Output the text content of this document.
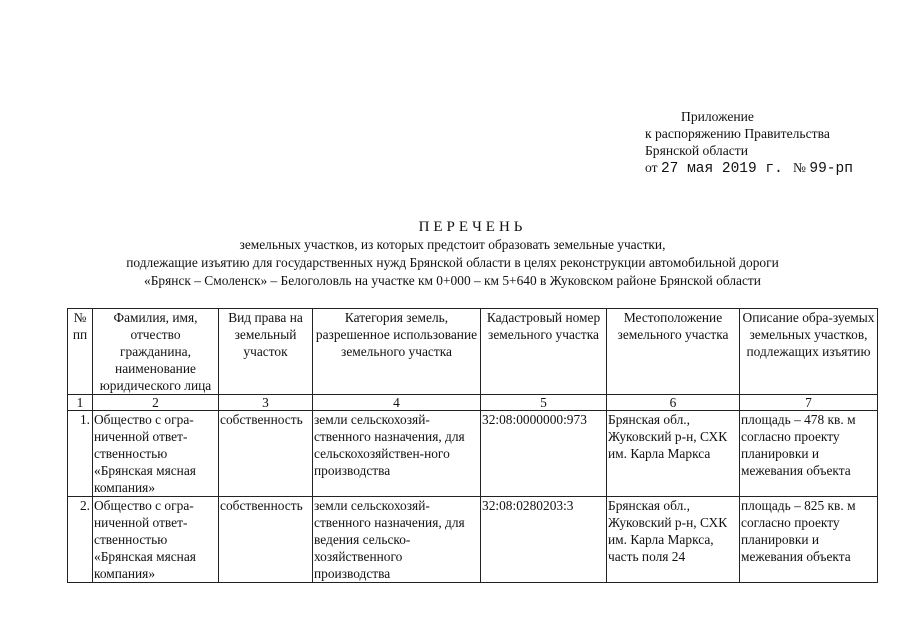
Приложение
к распоряжению Правительства
Брянской области
от 27 мая 2019 г. № 99-рп
ПЕРЕЧЕНЬ
земельных участков, из которых предстоит образовать земельные участки,
подлежащие изъятию для государственных нужд Брянской области в целях реконструкции автомобильной дороги
«Брянск – Смоленск» – Белоголовль на участке км 0+000 – км 5+640 в Жуковском районе Брянской области
№ пп	Фамилия, имя, отчество гражданина, наименование юридического лица	Вид права на земельный участок	Категория земель, разрешенное использование земельного участка	Кадастровый номер земельного участка	Местоположение земельного участка	Описание обра-зуемых земельных участков, подлежащих изъятию
1	2	3	4	5	6	7
1.	Общество с огра-ниченной ответ-ственностью «Брянская мясная компания»	собственность	земли сельскохозяй-ственного назначения, для сельскохозяйствен-ного производства	32:08:0000000:973	Брянская обл., Жуковский р-н, СХК им. Карла Маркса	площадь – 478 кв. м согласно проекту планировки и межевания объекта
2.	Общество с огра-ниченной ответ-ственностью «Брянская мясная компания»	собственность	земли сельскохозяй-ственного назначения, для ведения сельско-хозяйственного производства	32:08:0280203:3	Брянская обл., Жуковский р-н, СХК им. Карла Маркса, часть поля 24	площадь – 825 кв. м согласно проекту планировки и межевания объекта
